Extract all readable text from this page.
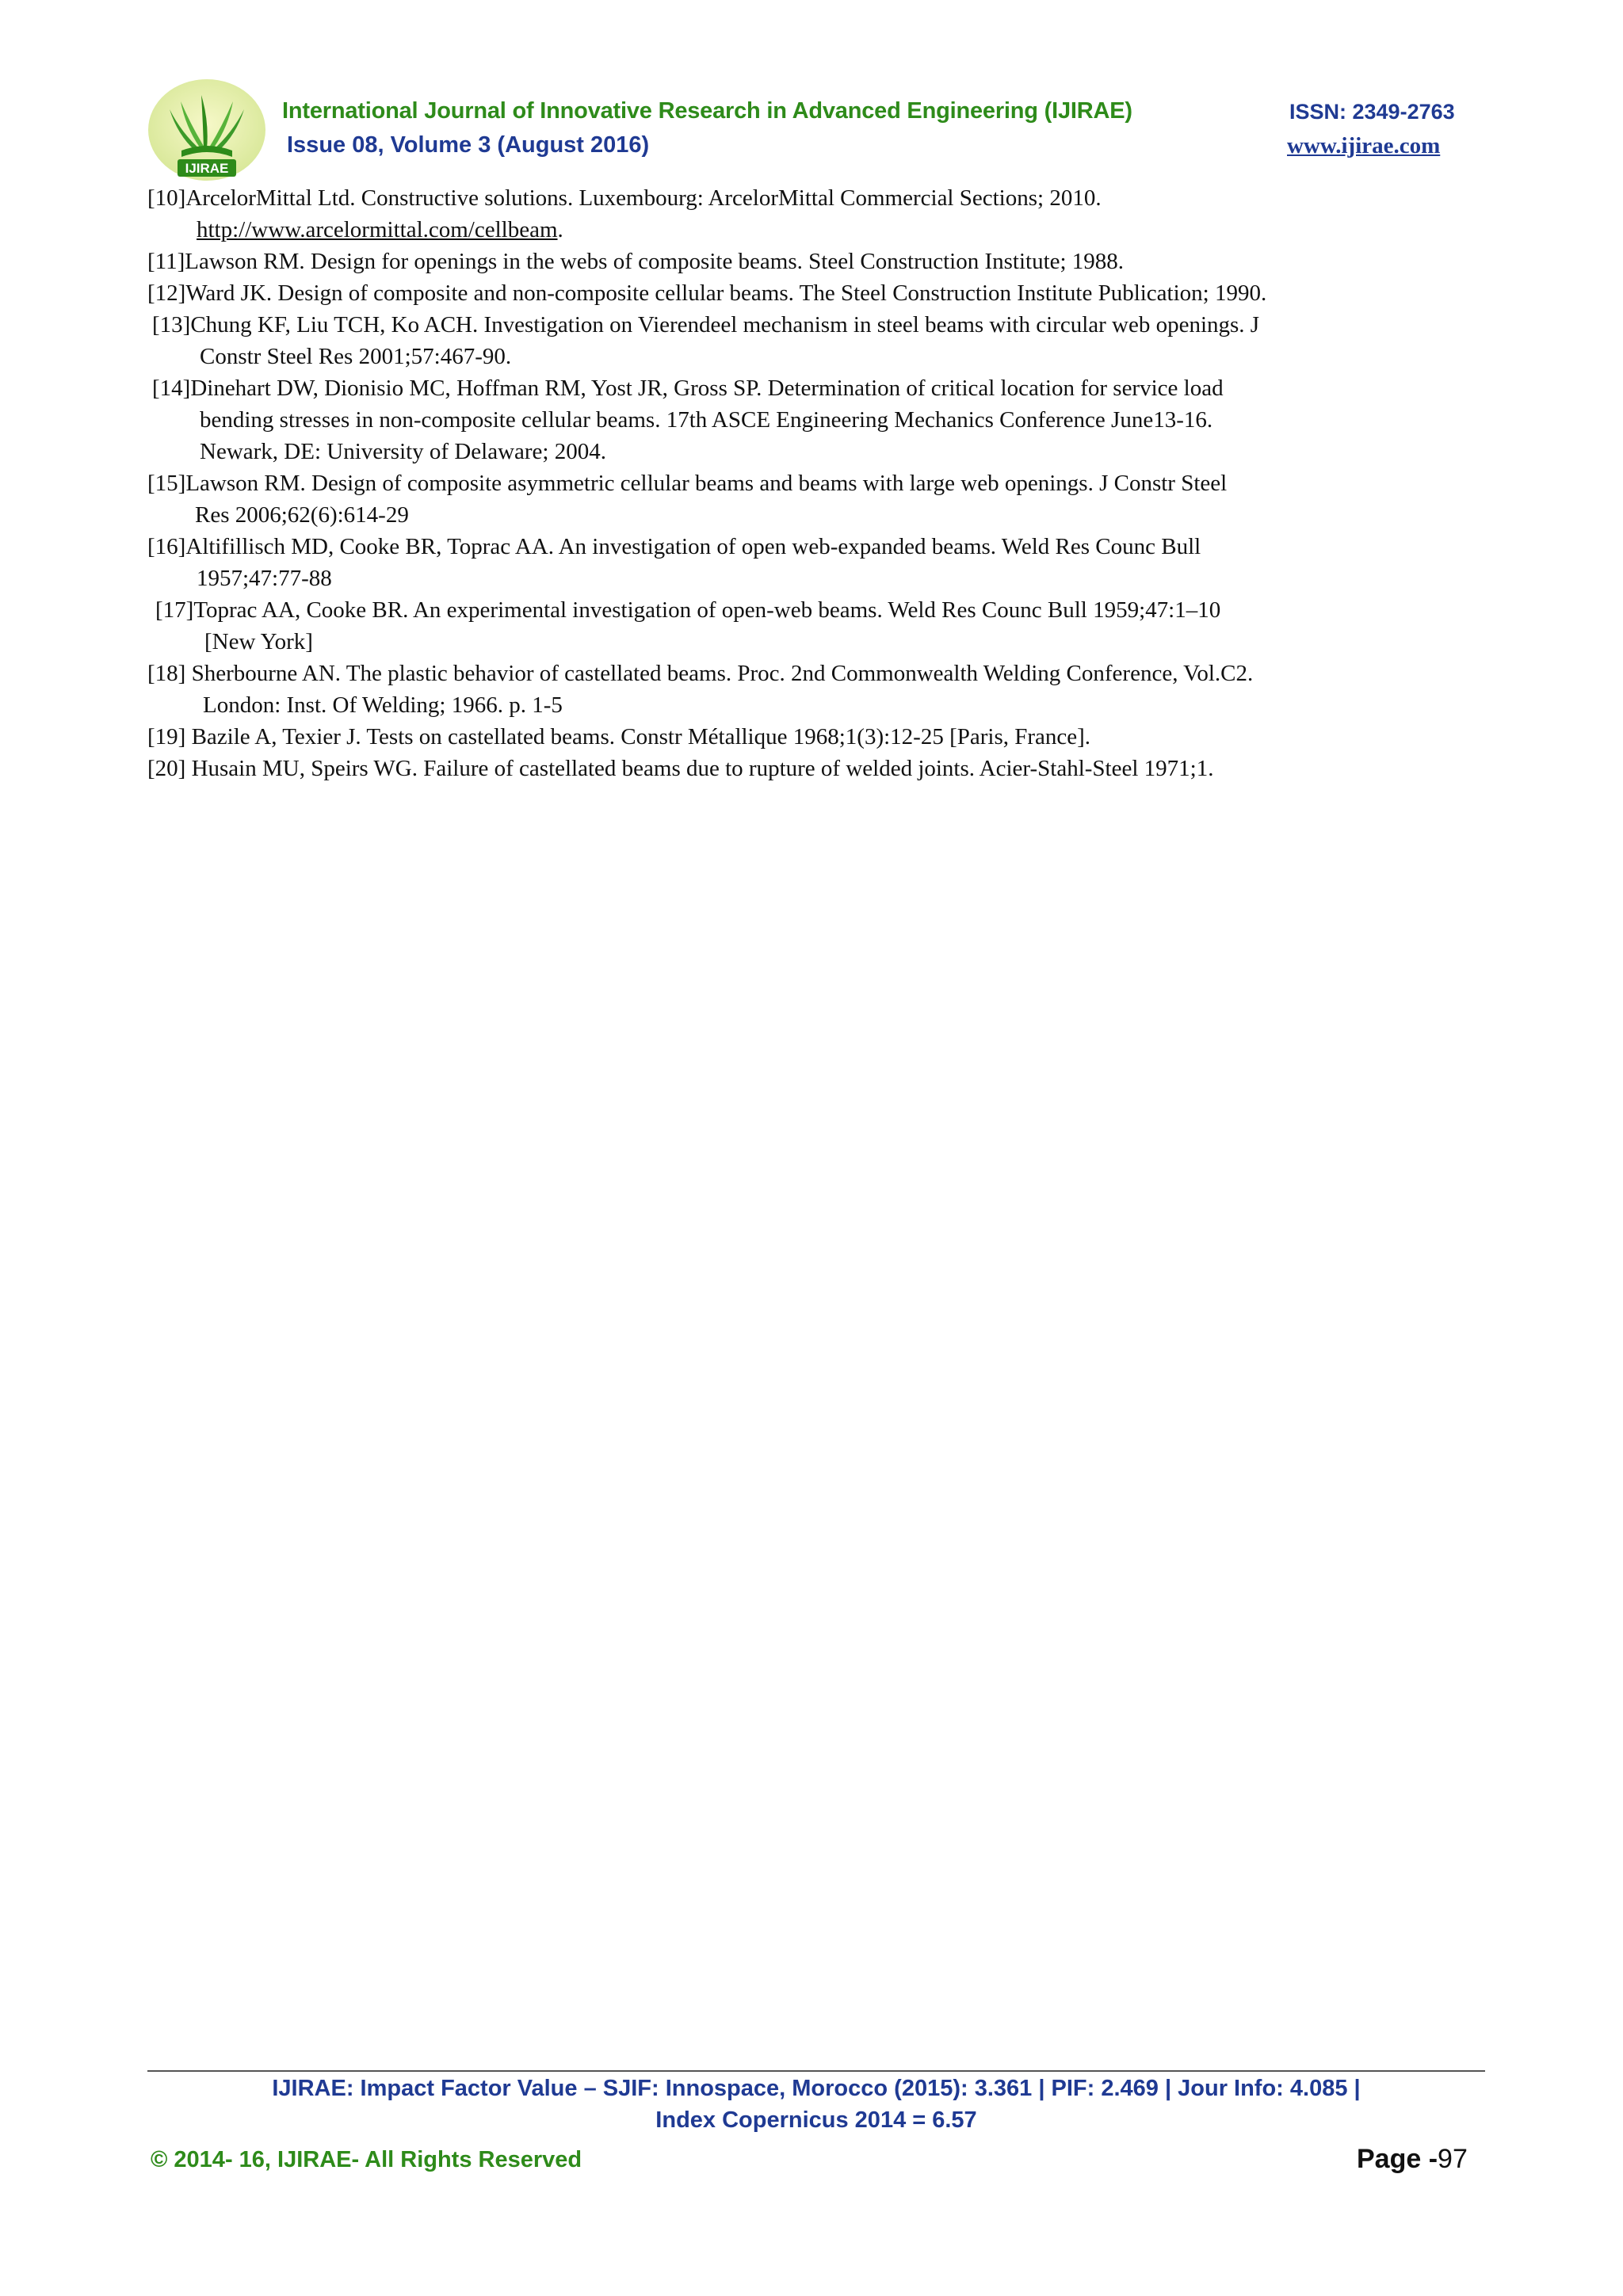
IJIRAE
International Journal of Innovative Research in Advanced Engineering (IJIRAE)	ISSN: 2349-2763
Issue 08, Volume 3 (August 2016)	www.ijirae.com
[10]ArcelorMittal Ltd. Constructive solutions. Luxembourg: ArcelorMittal Commercial Sections; 2010.
http://www.arcelormittal.com/cellbeam.
[11]Lawson RM. Design for openings in the webs of composite beams. Steel Construction Institute; 1988.
[12]Ward JK. Design of composite and non-composite cellular beams. The Steel Construction Institute Publication; 1990.
[13]Chung KF, Liu TCH, Ko ACH. Investigation on Vierendeel mechanism in steel beams with circular web openings. J
Constr Steel Res 2001;57:467-90.
[14]Dinehart DW, Dionisio MC, Hoffman RM, Yost JR, Gross SP. Determination of critical location for service load
bending stresses in non-composite cellular beams. 17th ASCE Engineering Mechanics Conference June13-16.
Newark, DE: University of Delaware; 2004.
[15]Lawson RM. Design of composite asymmetric cellular beams and beams with large web openings. J Constr Steel
Res 2006;62(6):614-29
[16]Altifillisch MD, Cooke BR, Toprac AA. An investigation of open web-expanded beams. Weld Res Counc Bull
1957;47:77-88
[17]Toprac AA, Cooke BR. An experimental investigation of open-web beams. Weld Res Counc Bull 1959;47:1–10
[New York]
[18] Sherbourne AN. The plastic behavior of castellated beams. Proc. 2nd Commonwealth Welding Conference, Vol.C2.
London: Inst. Of Welding; 1966. p. 1-5
[19] Bazile A, Texier J. Tests on castellated beams. Constr Métallique 1968;1(3):12-25 [Paris, France].
[20] Husain MU, Speirs WG. Failure of castellated beams due to rupture of welded joints. Acier-Stahl-Steel 1971;1.
IJIRAE: Impact Factor Value – SJIF: Innospace, Morocco (2015): 3.361 | PIF: 2.469 | Jour Info: 4.085 |
Index Copernicus 2014 = 6.57
© 2014- 16, IJIRAE- All Rights Reserved	Page -97
